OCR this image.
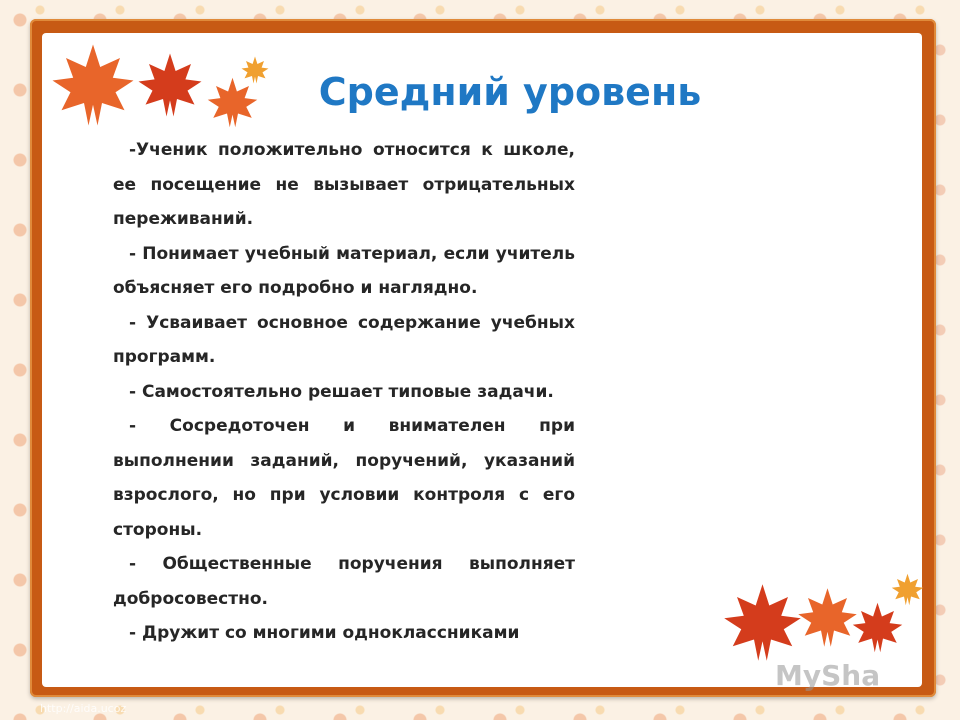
Средний уровень

-Ученик положительно относится к школе, ее посещение не вызывает отрицательных переживаний.

- Понимает учебный материал, если учитель объясняет его подробно и наглядно.

- Усваивает основное содержание учебных программ.

- Самостоятельно решает типовые задачи.

- Сосредоточен и внимателен при выполнении заданий, поручений, указаний взрослого, но при условии контроля с его стороны.

- Общественные поручения выполняет добросовестно.

- Дружит со многими одноклассниками

MySha
http://aida.ucoz
